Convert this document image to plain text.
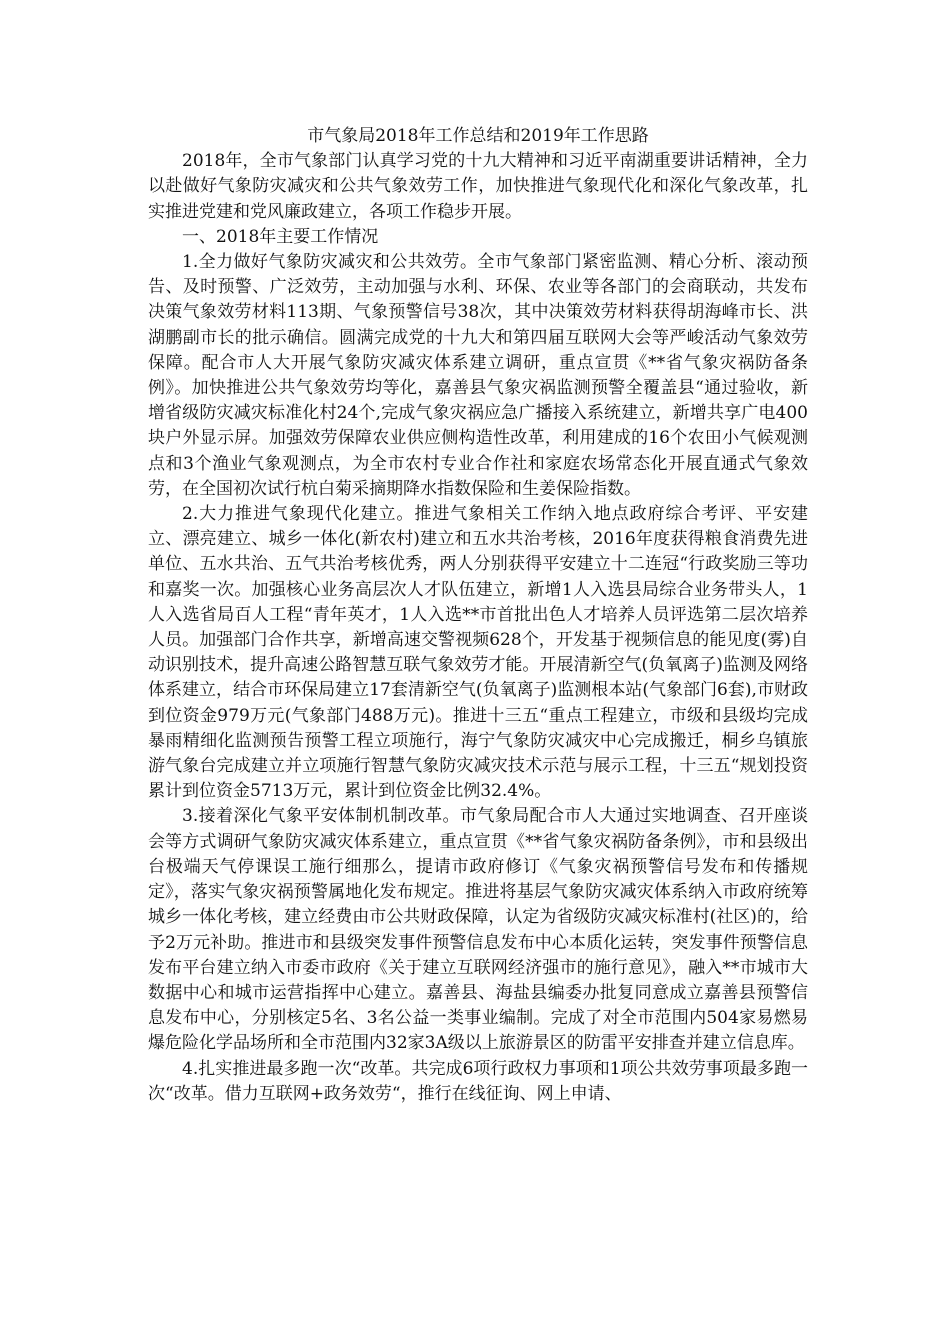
市气象局2018年工作总结和2019年工作思路

2018年，全市气象部门认真学习党的十九大精神和习近平南湖重要讲话精神，全力以赴做好气象防灾减灾和公共气象效劳工作，加快推进气象现代化和深化气象改革，扎实推进党建和党风廉政建立，各项工作稳步开展。

一、2018年主要工作情况

1.全力做好气象防灾减灾和公共效劳。全市气象部门紧密监测、精心分析、滚动预告、及时预警、广泛效劳，主动加强与水利、环保、农业等各部门的会商联动，共发布决策气象效劳材料113期、气象预警信号38次，其中决策效劳材料获得胡海峰市长、洪湖鹏副市长的批示确信。圆满完成党的十九大和第四届互联网大会等严峻活动气象效劳保障。配合市人大开展气象防灾减灾体系建立调研，重点宣贯《**省气象灾祸防备条例》。加快推进公共气象效劳均等化，嘉善县气象灾祸监测预警全覆盖县“通过验收，新增省级防灾减灾标准化村24个,完成气象灾祸应急广播接入系统建立，新增共享广电400块户外显示屏。加强效劳保障农业供应侧构造性改革，利用建成的16个农田小气候观测点和3个渔业气象观测点，为全市农村专业合作社和家庭农场常态化开展直通式气象效劳，在全国初次试行杭白菊采摘期降水指数保险和生姜保险指数。

2.大力推进气象现代化建立。推进气象相关工作纳入地点政府综合考评、平安建立、漂亮建立、城乡一体化(新农村)建立和五水共治考核，2016年度获得粮食消费先进单位、五水共治、五气共治考核优秀，两人分别获得平安建立十二连冠“行政奖励三等功和嘉奖一次。加强核心业务高层次人才队伍建立，新增1人入选县局综合业务带头人，1人入选省局百人工程“青年英才，1人入选**市首批出色人才培养人员评选第二层次培养人员。加强部门合作共享，新增高速交警视频628个，开发基于视频信息的能见度(雾)自动识别技术，提升高速公路智慧互联气象效劳才能。开展清新空气(负氧离子)监测及网络体系建立，结合市环保局建立17套清新空气(负氧离子)监测根本站(气象部门6套),市财政到位资金979万元(气象部门488万元)。推进十三五“重点工程建立，市级和县级均完成暴雨精细化监测预告预警工程立项施行，海宁气象防灾减灾中心完成搬迁，桐乡乌镇旅游气象台完成建立并立项施行智慧气象防灾减灾技术示范与展示工程，十三五“规划投资累计到位资金5713万元，累计到位资金比例32.4%。

3.接着深化气象平安体制机制改革。市气象局配合市人大通过实地调查、召开座谈会等方式调研气象防灾减灾体系建立，重点宣贯《**省气象灾祸防备条例》，市和县级出台极端天气停课误工施行细那么，提请市政府修订《气象灾祸预警信号发布和传播规定》，落实气象灾祸预警属地化发布规定。推进将基层气象防灾减灾体系纳入市政府统筹城乡一体化考核，建立经费由市公共财政保障，认定为省级防灾减灾标准村(社区)的，给予2万元补助。推进市和县级突发事件预警信息发布中心本质化运转，突发事件预警信息发布平台建立纳入市委市政府《关于建立互联网经济强市的施行意见》，融入**市城市大数据中心和城市运营指挥中心建立。嘉善县、海盐县编委办批复同意成立嘉善县预警信息发布中心，分别核定5名、3名公益一类事业编制。完成了对全市范围内504家易燃易爆危险化学品场所和全市范围内32家3A级以上旅游景区的防雷平安排查并建立信息库。

4.扎实推进最多跑一次“改革。共完成6项行政权力事项和1项公共效劳事项最多跑一次“改革。借力互联网+政务效劳“，推行在线征询、网上申请、
